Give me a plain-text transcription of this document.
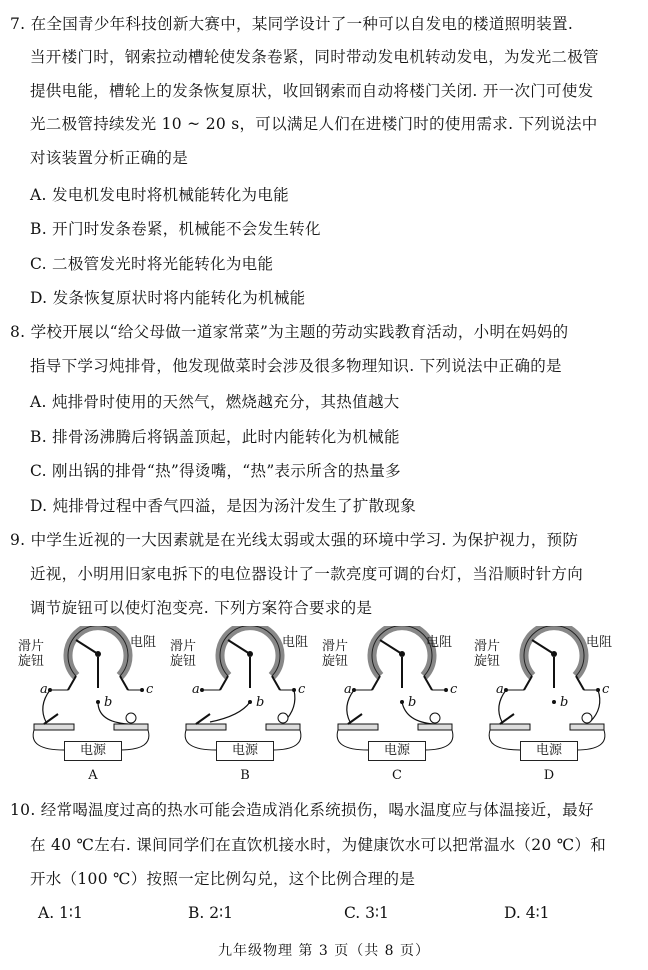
7. 在全国青少年科技创新大赛中，某同学设计了一种可以自发电的楼道照明装置.
当开楼门时，钢索拉动槽轮使发条卷紧，同时带动发电机转动发电，为发光二极管
提供电能，槽轮上的发条恢复原状，收回钢索而自动将楼门关闭. 开一次门可使发
光二极管持续发光 10 ~ 20 s，可以满足人们在进楼门时的使用需求. 下列说法中
对该装置分析正确的是
A. 发电机发电时将机械能转化为电能
B. 开门时发条卷紧，机械能不会发生转化
C. 二极管发光时将光能转化为电能
D. 发条恢复原状时将内能转化为机械能
8. 学校开展以“给父母做一道家常菜”为主题的劳动实践教育活动，小明在妈妈的
指导下学习炖排骨，他发现做菜时会涉及很多物理知识. 下列说法中正确的是
A. 炖排骨时使用的天然气，燃烧越充分，其热值越大
B. 排骨汤沸腾后将锅盖顶起，此时内能转化为机械能
C. 刚出锅的排骨“热”得烫嘴，“热”表示所含的热量多
D. 炖排骨过程中香气四溢，是因为汤汁发生了扩散现象
9. 中学生近视的一大因素就是在光线太弱或太强的环境中学习. 为保护视力，预防
近视，小明用旧家电拆下的电位器设计了一款亮度可调的台灯，当沿顺时针方向
调节旋钮可以使灯泡变亮. 下列方案符合要求的是
滑片
旋钮
电阻
a
b
c
电源
A
滑片
旋钮
电阻
a
b
c
电源
B
滑片
旋钮
电阻
a
b
c
电源
C
滑片
旋钮
电阻
a
b
c
电源
D
10. 经常喝温度过高的热水可能会造成消化系统损伤，喝水温度应与体温接近，最好
在 40 ℃左右. 课间同学们在直饮机接水时，为健康饮水可以把常温水（20 ℃）和
开水（100 ℃）按照一定比例勾兑，这个比例合理的是
A. 1∶1	B. 2∶1	C. 3∶1	D. 4∶1
九年级物理 第 3 页（共 8 页）
